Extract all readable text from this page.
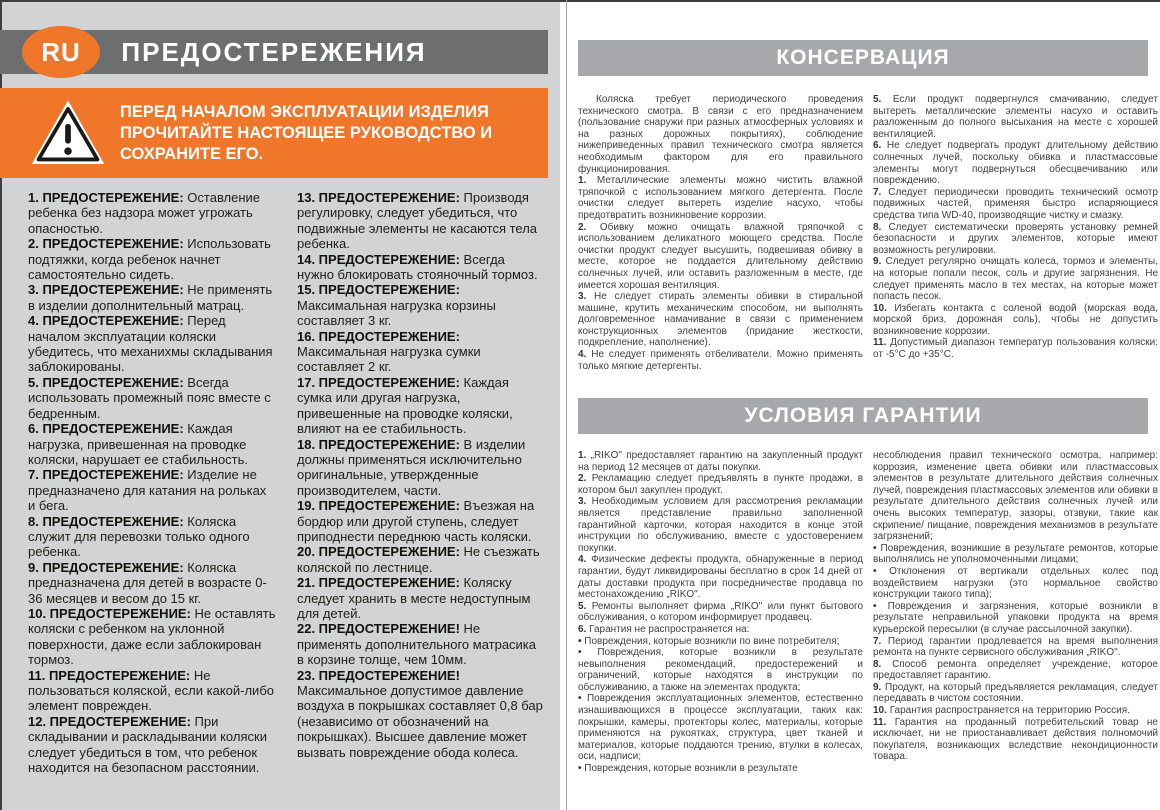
RU	ПРЕДОСТЕРЕЖЕНИЯ
ПЕРЕД НАЧАЛОМ ЭКСПЛУАТАЦИИ ИЗДЕЛИЯ ПРОЧИТАЙТЕ НАСТОЯЩЕЕ РУКОВОДСТВО И СОХРАНИТЕ ЕГО.

1. ПРЕДОСТЕРЕЖЕНИЕ: Оставление ребенка без надзора может угрожать опасностью.

2. ПРЕДОСТЕРЕЖЕНИЕ: Использовать подтяжки, когда ребенок начнет самостоятельно сидеть.

3. ПРЕДОСТЕРЕЖЕНИЕ: Не применять в изделии дополнительный матрац.

4. ПРЕДОСТЕРЕЖЕНИЕ: Перед началом эксплуатации коляски убедитесь, что механихмы складывания заблокированы.

5. ПРЕДОСТЕРЕЖЕНИЕ: Всегда использовать промежный пояс вместе с бедренным.

6. ПРЕДОСТЕРЕЖЕНИЕ: Каждая нагрузка, привешенная на проводке коляски, нарушает ее стабильность.

7. ПРЕДОСТЕРЕЖЕНИЕ: Изделие не предназначено для катания на рольках и бега.

8. ПРЕДОСТЕРЕЖЕНИЕ: Коляска служит для перевозки только одного ребенка.

9. ПРЕДОСТЕРЕЖЕНИЕ: Коляска предназначена для детей в возрасте 0-36 месяцев и весом до 15 кг.

10. ПРЕДОСТЕРЕЖЕНИЕ: Не оставлять коляски с ребенком на уклонной поверхности, даже если заблокирован тормоз.

11. ПРЕДОСТЕРЕЖЕНИЕ: Не пользоваться коляской, если какой-либо элемент поврежден.

12. ПРЕДОСТЕРЕЖЕНИЕ: При складывании и раскладывании коляски следует убедиться в том, что ребенок находится на безопасном расстоянии.

13. ПРЕДОСТЕРЕЖЕНИЕ: Производя регулировку, следует убедиться, что подвижные элементы не касаются тела ребенка.

14. ПРЕДОСТЕРЕЖЕНИЕ: Всегда нужно блокировать стояночный тормоз.

15. ПРЕДОСТЕРЕЖЕНИЕ: Максимальная нагрузка корзины составляет 3 кг.

16. ПРЕДОСТЕРЕЖЕНИЕ: Максимальная нагрузка сумки составляет 2 кг.

17. ПРЕДОСТЕРЕЖЕНИЕ: Каждая сумка или другая нагрузка, привешенные на проводке коляски, влияют на ее стабильность.

18. ПРЕДОСТЕРЕЖЕНИЕ: В изделии должны применяться исключительно оригинальные, утвержденные производителем, части.

19. ПРЕДОСТЕРЕЖЕНИЕ: Въезжая на бордюр или другой ступень, следует приподнести переднюю часть коляски.

20. ПРЕДОСТЕРЕЖЕНИЕ: Не съезжать коляской по лестнице.

21. ПРЕДОСТЕРЕЖЕНИЕ: Коляску следует хранить в месте недоступным для детей.

22. ПРЕДОСТЕРЕЖЕНИЕ! Не применять дополнительного матрасика в корзине толще, чем 10мм.

23. ПРЕДОСТЕРЕЖЕНИЕ! Максимальное допустимое давление воздуха в покрышках составляет 0,8 бар (независимо от обозначений на покрышках). Высшее давление может вызвать повреждение обода колеса.

КОНСЕРВАЦИЯ

Коляска требует периодического проведения технического смотра. В связи с его предназначением (пользование снаружи при разных атмосферных условиях и на разных дорожных покрытиях), соблюдение нижеприведенных правил технического смотра является необходимым фактором для его правильного функционирования.

1. Металлические элементы можно чистить влажной тряпочкой с использованием мягкого детергента. После очистки следует вытереть изделие насухо, чтобы предотвратить возникновение коррозии.

2. Обивку можно очищать влажной тряпочкой с использованием деликатного моющего средства. После очистки продукт следует высушить, подвешивая обивку в месте, которое не поддается длительному действию солнечных лучей, или оставить разложенным в месте, где имеется хорошая вентиляция.

3. Не следует стирать элементы обивки в стиральной машине, крутить механическим способом, ни выполнять долговременное намачивание в связи с применением конструкционных элементов (придание жесткости, подкрепление, наполнение).

4. Не следует применять отбеливатели. Можно применять только мягкие детергенты.

5. Если продукт подвергнулся смачиванию, следует вытереть металлические элементы насухо и оставить разложенным до полного высыхания на месте с хорошей вентиляцией.

6. Не следует подвергать продукт длительному действию солнечных лучей, поскольку обивка и пластмассовые элементы могут подвернуться обесцвечиванию или повреждению.

7. Следует периодически проводить технический осмотр подвижных частей, применяя быстро испаряющиеся средства типа WD-40, производящие чистку и смазку.

8. Следует систематически проверять установку ремней безопасности и других элементов, которые имеют возможность регулировки.

9. Следует регулярно очищать колеса, тормоз и элементы, на которые попали песок, соль и другие загрязнения. Не следует применять масло в тех местах, на которые может попасть песок.

10. Избегать контакта с соленой водой (морская вода, морской бриз, дорожная соль), чтобы не допустить возникновение коррозии.

11. Допустимый диапазон температур пользования коляски: от -5°С до +35°С.

УСЛОВИЯ ГАРАНТИИ

1. „RIKO" предоставляет гарантию на закупленный продукт на период 12 месяцев от даты покупки.

2. Рекламацию следует предъявлять в пункте продажи, в котором был закуплен продукт.

3. Необходимым условием для рассмотрения рекламации является представление правильно заполненной гарантийной карточки, которая находится в конце этой инструкции по обслуживанию, вместе с удостоверением покупки.

4. Физические дефекты продукта, обнаруженные в период гарантии, будут ликвидированы бесплатно в срок 14 дней от даты доставки продукта при посредничестве продавца по местонахождению „RIKO".

5. Ремонты выполняет фирма „RIKO" или пункт бытового обслуживания, о котором информирует продавец.

6. Гарантия не распространяется на:

• Повреждения, которые возникли по вине потребителя;

• Повреждения, которые возникли в результате невыполнения рекомендаций, предостережений и ограничений, которые находятся в инструкции по обслуживанию, а также на элементах продукта;

• Повреждения эксплуатационных элементов, естественно изнашивающихся в процессе эксплуатации, таких как: покрышки, камеры, протекторы колес, материалы, которые применяются на рукоятках, структура, цвет тканей и материалов, которые поддаются трению, втулки в колесах, оси, надписи;

• Повреждения, которые возникли в результате

несоблюдения правил технического осмотра, например: коррозия, изменение цвета обивки или пластмассовых элементов в результате длительного действия солнечных лучей, повреждения пластмассовых элементов или обивки в результате длительного действия солнечных лучей или очень высоких температур, зазоры, отзвуки, такие как скрипение/ пищание, повреждения механизмов в результате загрязнений;

• Повреждения, возникшие в результате ремонтов, которые выполнялись не уполномоченными лицами;

• Отклонения от вертикали отдельных колес под воздействием нагрузки (это нормальное свойство конструкции такого типа);

• Повреждения и загрязнения, которые возникли в результате неправильной упаковки продукта на время курьерской пересылки (в случае рассылочной закупки).

7. Период гарантии продлевается на время выполнения ремонта на пункте сервисного обслуживания „RIKO".

8. Способ ремонта определяет учреждение, которое предоставляет гарантию.

9. Продукт, на который предъявляется рекламация, следует передавать в чистом состоянии.

10. Гарантия распространяется на территорию Россия.

11. Гарантия на проданный потребительский товар не исключает, ни не приостанавливает действия полномочий покупателя, возникающих вследствие некондиционности товара.
